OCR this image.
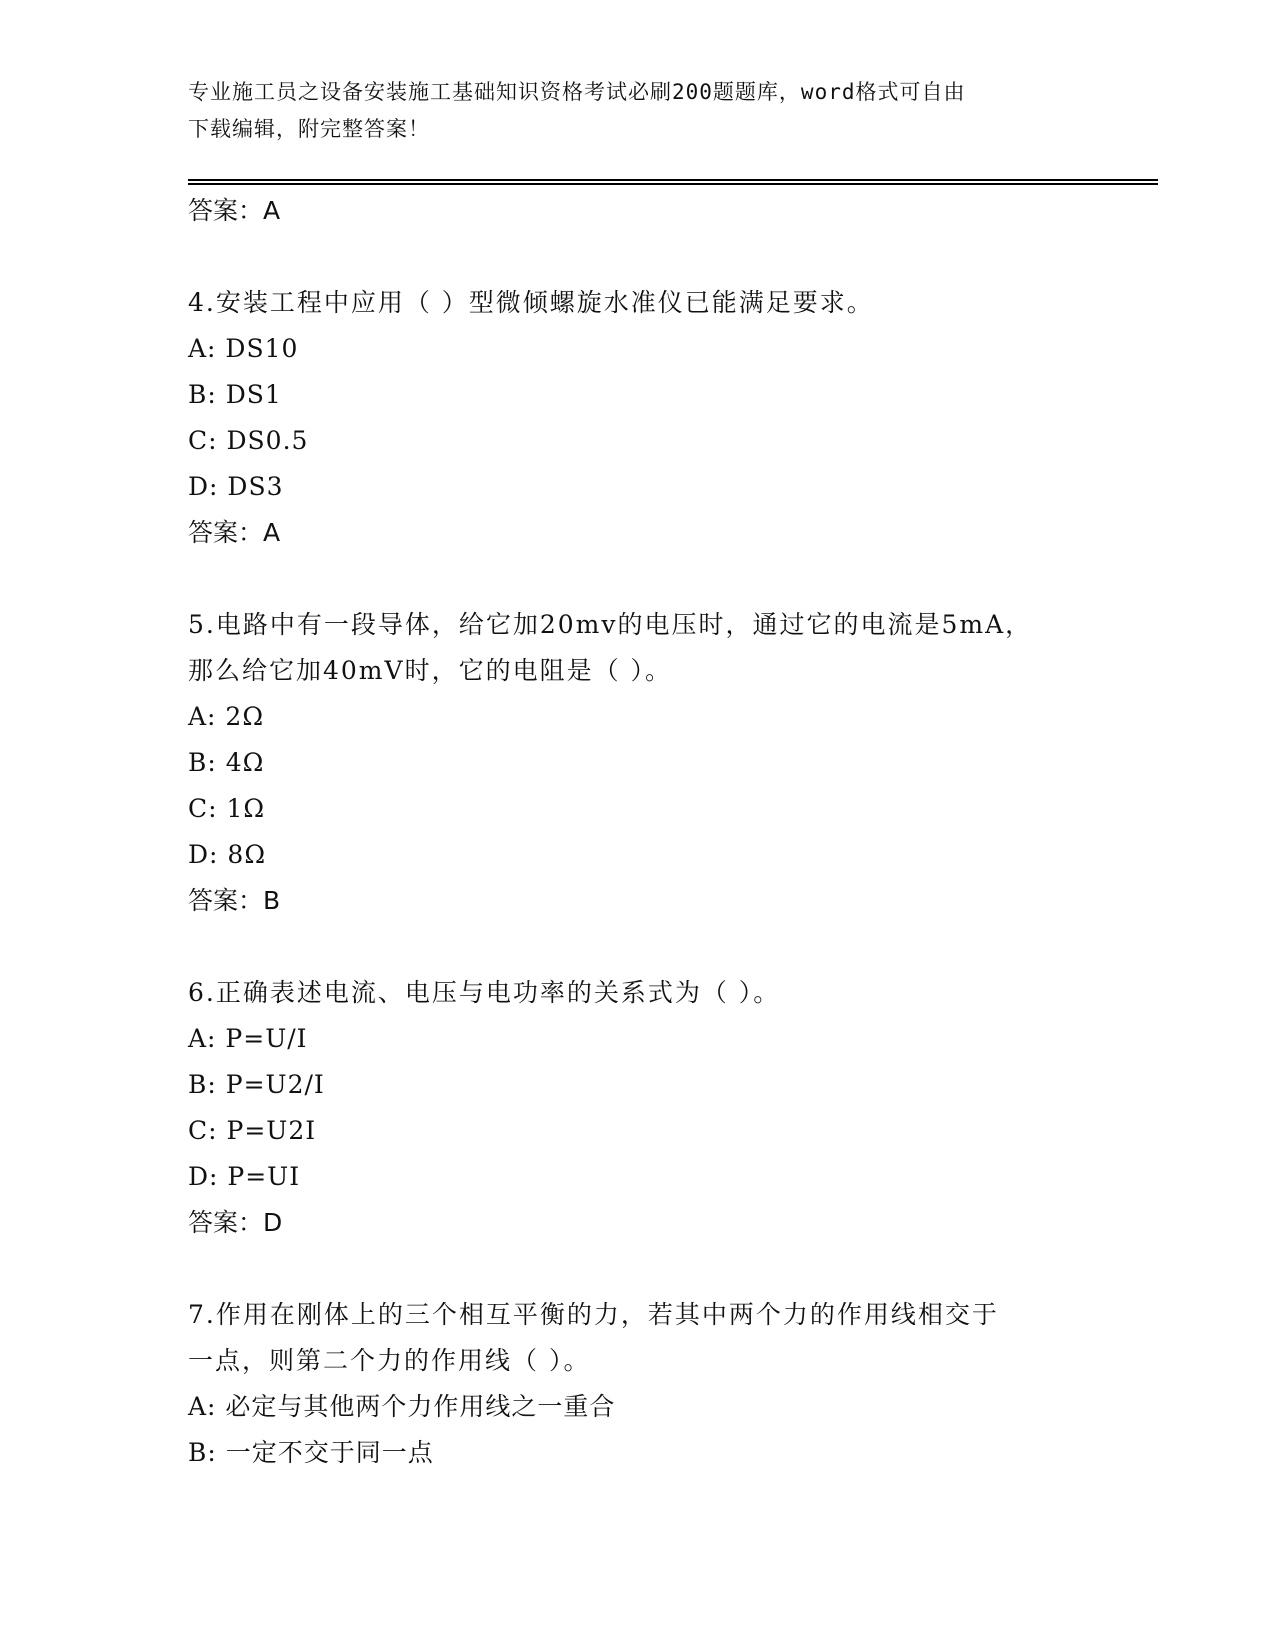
专业施工员之设备安装施工基础知识资格考试必刷200题题库，word格式可自由
下载编辑，附完整答案！

答案：A

4.安装工程中应用（ ）型微倾螺旋水准仪已能满足要求。

A: DS10

B: DS1

C: DS0.5

D: DS3

答案：A

5.电路中有一段导体，给它加20mv的电压时，通过它的电流是5mA，

那么给它加40mV时，它的电阻是（ ）。

A: 2Ω

B: 4Ω

C: 1Ω

D: 8Ω

答案：B

6.正确表述电流、电压与电功率的关系式为（ ）。

A: P=U/I

B: P=U2/I

C: P=U2I

D: P=UI

答案：D

7.作用在刚体上的三个相互平衡的力，若其中两个力的作用线相交于

一点，则第二个力的作用线（ ）。

A: 必定与其他两个力作用线之一重合

B: 一定不交于同一点
